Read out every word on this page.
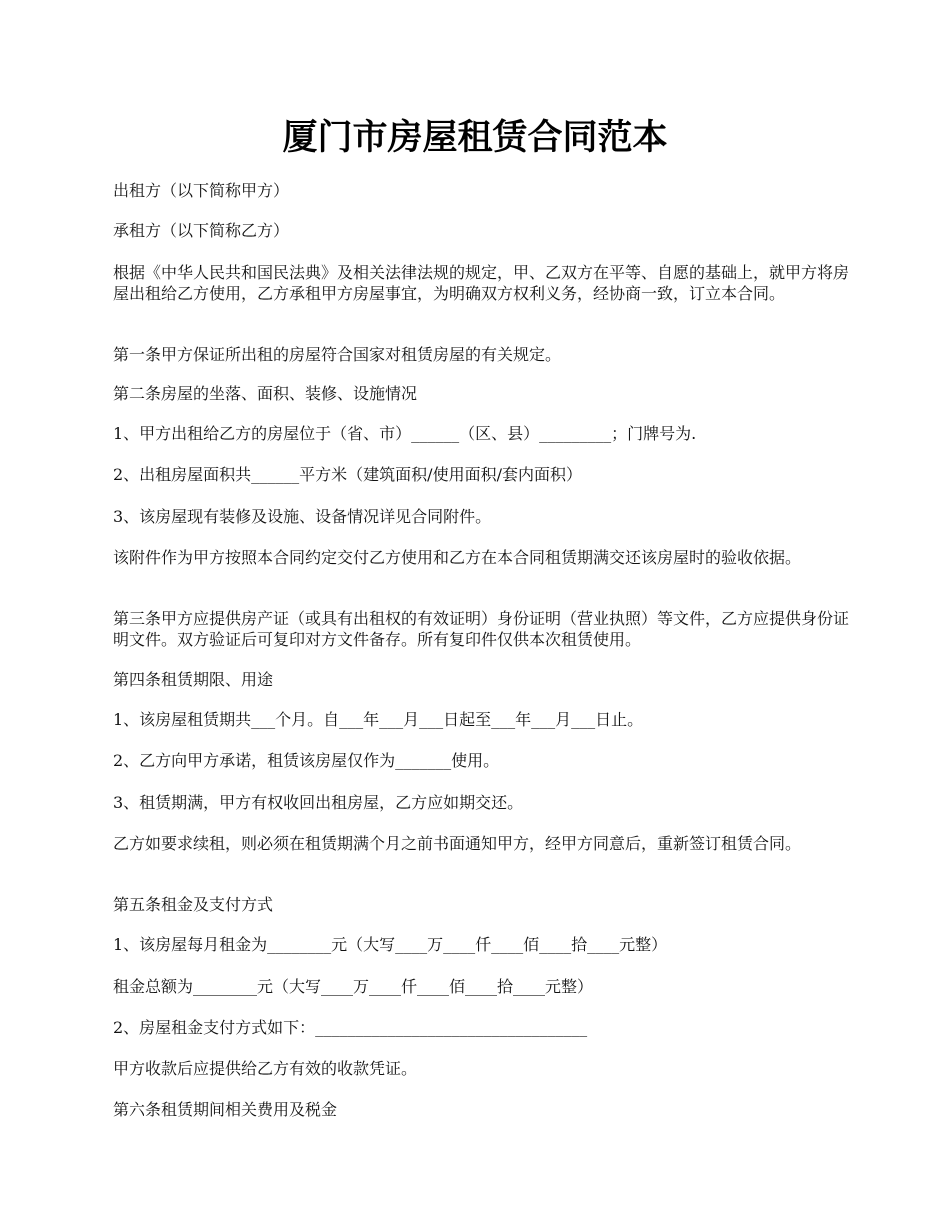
厦门市房屋租赁合同范本

出租方（以下简称甲方）

承租方（以下简称乙方）

根据《中华人民共和国民法典》及相关法律法规的规定，甲、乙双方在平等、自愿的基础上，就甲方将房屋出租给乙方使用，乙方承租甲方房屋事宜，为明确双方权利义务，经协商一致，订立本合同。

第一条甲方保证所出租的房屋符合国家对租赁房屋的有关规定。

第二条房屋的坐落、面积、装修、设施情况

1、甲方出租给乙方的房屋位于（省、市）______（区、县）_________；门牌号为.

2、出租房屋面积共______平方米（建筑面积/使用面积/套内面积）

3、该房屋现有装修及设施、设备情况详见合同附件。

该附件作为甲方按照本合同约定交付乙方使用和乙方在本合同租赁期满交还该房屋时的验收依据。

第三条甲方应提供房产证（或具有出租权的有效证明）身份证明（营业执照）等文件，乙方应提供身份证明文件。双方验证后可复印对方文件备存。所有复印件仅供本次租赁使用。

第四条租赁期限、用途

1、该房屋租赁期共___个月。自___年___月___日起至___年___月___日止。

2、乙方向甲方承诺，租赁该房屋仅作为_______使用。

3、租赁期满，甲方有权收回出租房屋，乙方应如期交还。

乙方如要求续租，则必须在租赁期满个月之前书面通知甲方，经甲方同意后，重新签订租赁合同。

第五条租金及支付方式

1、该房屋每月租金为________元（大写____万____仟____佰____拾____元整）

租金总额为________元（大写____万____仟____佰____拾____元整）

2、房屋租金支付方式如下：__________________________________

甲方收款后应提供给乙方有效的收款凭证。

第六条租赁期间相关费用及税金
